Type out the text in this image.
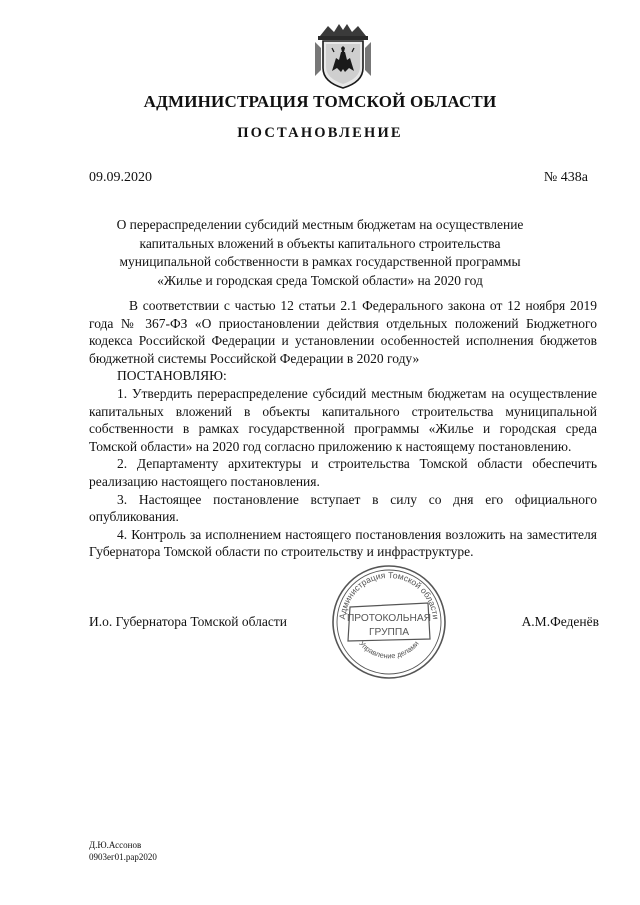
АДМИНИСТРАЦИЯ ТОМСКОЙ ОБЛАСТИ
ПОСТАНОВЛЕНИЕ
09.09.2020	№ 438а
О перераспределении субсидий местным бюджетам на осуществление
капитальных вложений в объекты капитального строительства
муниципальной собственности в рамках государственной программы
«Жилье и городская среда Томской области» на 2020 год

В соответствии с частью 12 статьи 2.1 Федерального закона от 12 ноября 2019 года № 367-ФЗ «О приостановлении действия отдельных положений Бюджетного кодекса Российской Федерации и установлении особенностей исполнения бюджетов бюджетной системы Российской Федерации в 2020 году»

ПОСТАНОВЛЯЮ:

1. Утвердить перераспределение субсидий местным бюджетам на осуществление капитальных вложений в объекты капитального строительства муниципальной собственности в рамках государственной программы «Жилье и городская среда Томской области» на 2020 год согласно приложению к настоящему постановлению.

2. Департаменту архитектуры и строительства Томской области обеспечить реализацию настоящего постановления.

3. Настоящее постановление вступает в силу со дня его официального опубликования.

4. Контроль за исполнением настоящего постановления возложить на заместителя Губернатора Томской области по строительству и инфраструктуре.

И.о. Губернатора Томской области	А.М.Феденёв
Администрация Томской области
Управление делами
ПРОТОКОЛЬНАЯ
ГРУППА
Д.Ю.Ассонов
0903ег01.рар2020
